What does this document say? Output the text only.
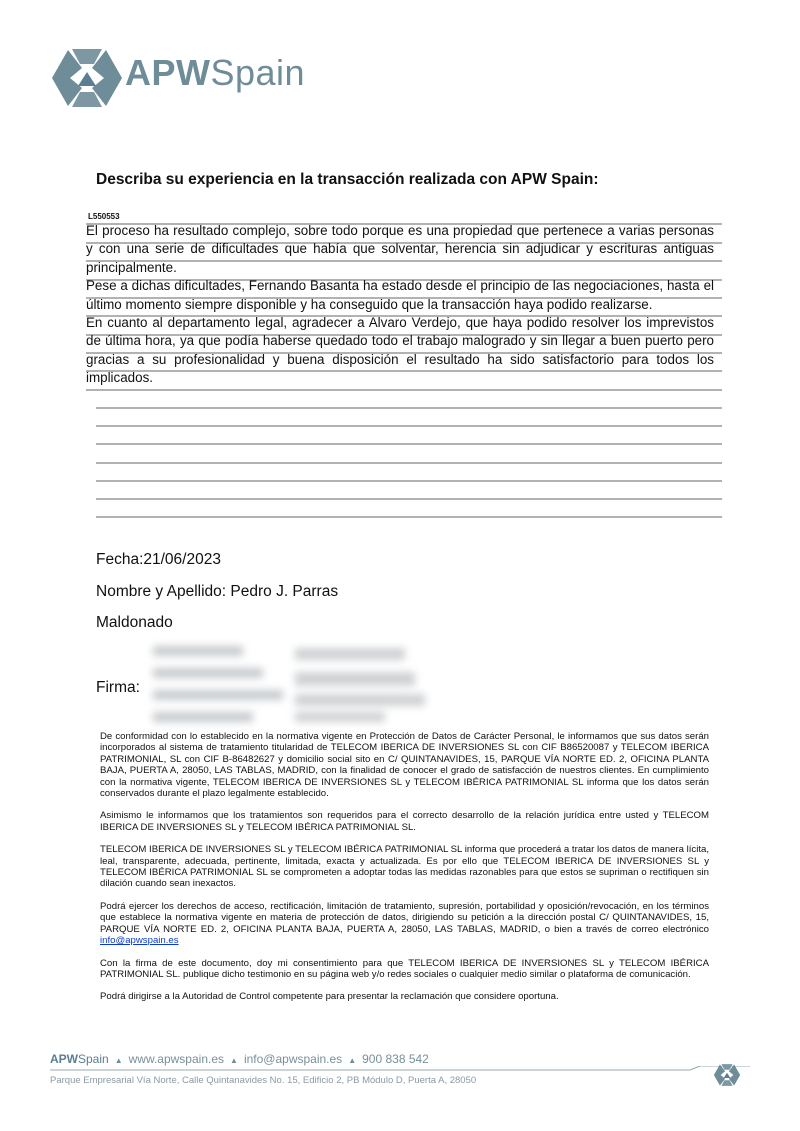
APWSpain
Describa su experiencia en la transacción realizada con APW Spain:
L550553

El proceso ha resultado complejo, sobre todo porque es una propiedad que pertenece a varias personas y con una serie de dificultades que había que solventar, herencia sin adjudicar y escrituras antiguas principalmente.

Pese a dichas dificultades, Fernando Basanta ha estado desde el principio de las negociaciones, hasta el último momento siempre disponible y ha conseguido que la transacción haya podido realizarse.

En cuanto al departamento legal, agradecer a Alvaro Verdejo, que haya podido resolver los imprevistos de última hora, ya que podía haberse quedado todo el trabajo malogrado y sin llegar a buen puerto pero gracias a su profesionalidad y buena disposición el resultado ha sido satisfactorio para todos los implicados.

Fecha:21/06/2023
Nombre y Apellido: Pedro J. Parras
Maldonado
Firma:

De conformidad con lo establecido en la normativa vigente en Protección de Datos de Carácter Personal, le informamos que sus datos serán incorporados al sistema de tratamiento titularidad de TELECOM IBERICA DE INVERSIONES SL con CIF B86520087 y TELECOM IBERICA PATRIMONIAL, SL con CIF B-86482627 y domicilio social sito en C/ QUINTANAVIDES, 15, PARQUE VÍA NORTE ED. 2, OFICINA PLANTA BAJA, PUERTA A, 28050, LAS TABLAS, MADRID, con la finalidad de conocer el grado de satisfacción de nuestros clientes. En cumplimiento con la normativa vigente, TELECOM IBERICA DE INVERSIONES SL y TELECOM IBÉRICA PATRIMONIAL SL informa que los datos serán conservados durante el plazo legalmente establecido.

Asimismo le informamos que los tratamientos son requeridos para el correcto desarrollo de la relación jurídica entre usted y TELECOM IBERICA DE INVERSIONES SL y TELECOM IBÉRICA PATRIMONIAL SL.

TELECOM IBERICA DE INVERSIONES SL y TELECOM IBÉRICA PATRIMONIAL SL informa que procederá a tratar los datos de manera lícita, leal, transparente, adecuada, pertinente, limitada, exacta y actualizada. Es por ello que TELECOM IBERICA DE INVERSIONES SL y TELECOM IBÉRICA PATRIMONIAL SL se comprometen a adoptar todas las medidas razonables para que estos se supriman o rectifiquen sin dilación cuando sean inexactos.

Podrá ejercer los derechos de acceso, rectificación, limitación de tratamiento, supresión, portabilidad y oposición/revocación, en los términos que establece la normativa vigente en materia de protección de datos, dirigiendo su petición a la dirección postal C/ QUINTANAVIDES, 15, PARQUE VÍA NORTE ED. 2, OFICINA PLANTA BAJA, PUERTA A, 28050, LAS TABLAS, MADRID, o bien a través de correo electrónico info@apwspain.es

Con la firma de este documento, doy mi consentimiento para que TELECOM IBERICA DE INVERSIONES SL y TELECOM IBÉRICA PATRIMONIAL SL. publique dicho testimonio en su página web y/o redes sociales o cualquier medio similar o plataforma de comunicación.

Podrá dirigirse a la Autoridad de Control competente para presentar la reclamación que considere oportuna.

APWSpain ▲ www.apwspain.es ▲ info@apwspain.es ▲ 900 838 542
Parque Empresarial Vía Norte, Calle Quintanavides No. 15, Edificio 2, PB Módulo D, Puerta A, 28050
